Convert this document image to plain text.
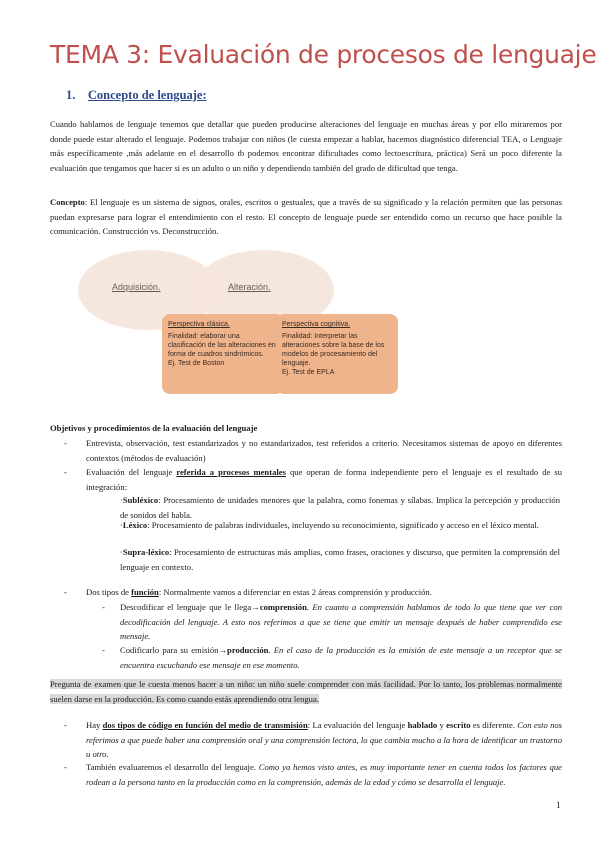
TEMA 3: Evaluación de procesos de lenguaje
1. Concepto de lenguaje:
Cuando hablamos de lenguaje tenemos que detallar que pueden producirse alteraciones del lenguaje en muchas áreas y por ello miraremos por donde puede estar alterado el lenguaje. Podemos trabajar con niños (le cuesta empezar a hablar, hacemos diagnóstico diferencial TEA, o Lenguaje más específicamente ,más adelante en el desarrollo tb podemos encontrar dificultades como lectoescritura, práctica) Será un poco diferente la evaluación que tengamos que hacer si es un adulto o un niño y dependiendo también del grado de dificultad que tenga.
Concepto: El lenguaje es un sistema de signos, orales, escritos o gestuales, que a través de su significado y la relación permiten que las personas puedan expresarse para lograr el entendimiento con el resto. El concepto de lenguaje puede ser entendido como un recurso que hace posible la comunicación. Construcción vs. Deconstrucción.
Adquisición.	Alteración.
Perspectiva clásica.
Finalidad: elaborar una clasificación de las alteraciones en forma de cuadros sindrómicos.
Ej. Test de Boston
Perspectiva cognitiva.
Finalidad: Interpretar las alteraciones sobre la base de los modelos de procesamiento del lenguaje.
Ej. Test de EPLA
Objetivos y procedimientos de la evaluación del lenguaje
- Entrevista, observación, test estandarizados y no estandarizados, test referidos a criterio. Necesitamos sistemas de apoyo en diferentes contextos (métodos de evaluación)
- Evaluación del lenguaje referida a procesos mentales que operan de forma independiente pero el lenguaje es el resultado de su integración:
·Subléxico: Procesamiento de unidades menores que la palabra, como fonemas y sílabas. Implica la percepción y producción de sonidos del habla.
·Léxico: Procesamiento de palabras individuales, incluyendo su reconocimiento, significado y acceso en el léxico mental.
·Supra-léxico: Procesamiento de estructuras más amplias, como frases, oraciones y discurso, que permiten la comprensión del lenguaje en contexto.
- Dos tipos de función: Normalmente vamos a diferenciar en estas 2 áreas comprensión y producción.
- Descodificar el lenguaje que le llega→comprensión. En cuanto a comprensión hablamos de todo lo que tiene que ver con decodificación del lenguaje. A esto nos referimos a que se tiene que emitir un mensaje después de haber comprendido ese mensaje.
- Codificarlo para su emisión→producción. En el caso de la producción es la emisión de este mensaje a un receptor que se encuentra escuchando ese mensaje en ese momento.
Pregunta de examen que le cuesta menos hacer a un niño: un niño suele comprender con más facilidad. Por lo tanto, los problemas normalmente suelen darse en la producción. Es como cuando estás aprendiendo otra lengua.
- Hay dos tipos de código en función del medio de transmisión: La evaluación del lenguaje hablado y escrito es diferente. Con esto nos referimos a que puede haber una comprensión oral y una comprensión lectora, lo que cambia mucho a la hora de identificar un trastorno u otro.
- También evaluaremos el desarrollo del lenguaje. Como ya hemos visto antes, es muy importante tener en cuenta todos los factores que rodean a la persona tanto en la producción como en la comprensión, además de la edad y cómo se desarrolla el lenguaje.
1
